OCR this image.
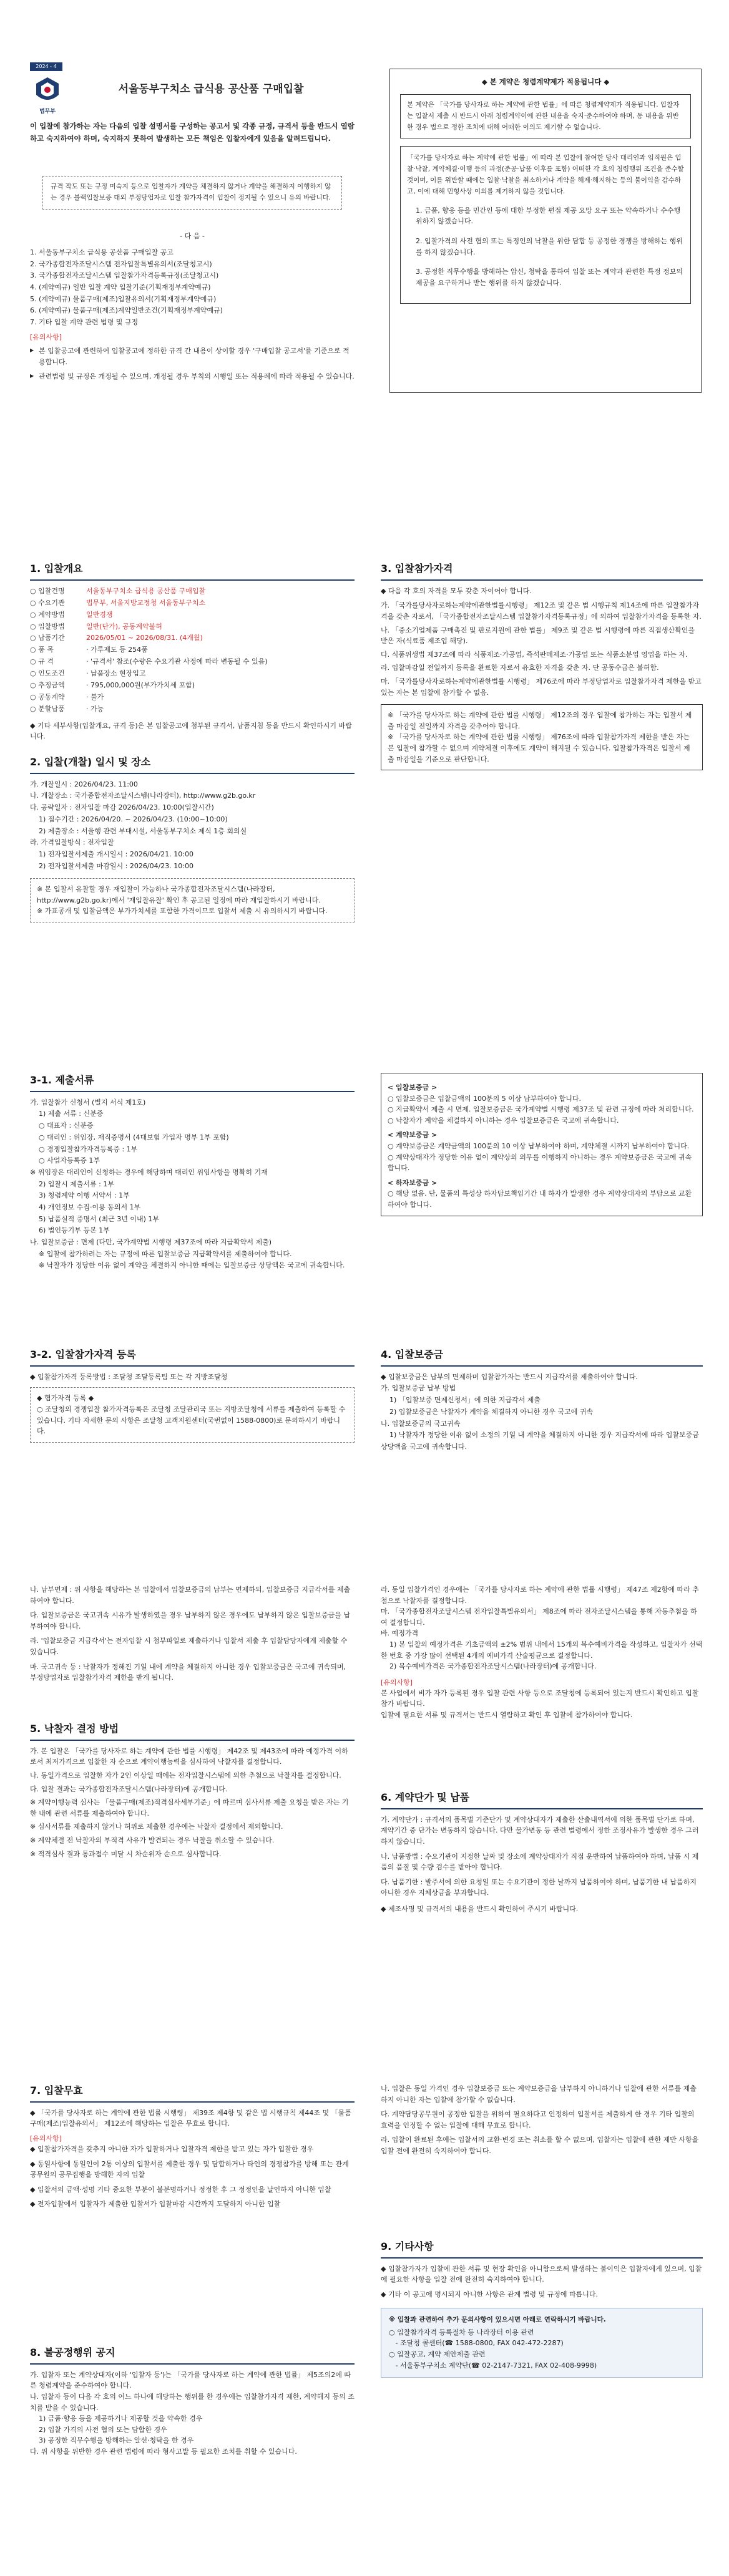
2024 - 4
법무부
서울동부구치소 급식용 공산품 구매입찰
이 입찰에 참가하는 자는 다음의 입찰 설명서를 구성하는 공고서 및 각종 규정, 규격서 등을 반드시 열람하고 숙지하여야 하며, 숙지하지 못하여 발생하는 모든 책임은 입찰자에게 있음을 알려드립니다.
규격 작도 또는 규정 미숙지 등으로 입찰자가 계약을 체결하지 않거나 계약을 해결하지 이행하지 않는 경우 블랙입찰보증 대외 부정당업자로 입찰 참가자격이 입찰이 정지될 수 있으니 유의 바랍니다.
- 다 음 -
1. 서울동부구치소 급식용 공산품 구매입찰 공고
2. 국가종합전자조달시스템 전자입찰특별유의서(조달청고시)
3. 국가종합전자조달시스템 입찰참가자격등록규정(조달청고시)
4. (계약예규) 일반 입찰 계약 입찰기준(기획재정부계약예규)
5. (계약예규) 물품구매(제조)입찰유의서(기획재정부계약예규)
6. (계약예규) 물품구매(제조)계약일반조건(기획재정부계약예규)
7. 기타 입찰 계약 관련 법령 및 규정
[유의사항]
▶ 본 입찰공고에 관련하여 입찰공고에 정하한 규격 간 내용이 상이할 경우 '구매입찰 공고서'를 기준으로 적용합니다.
▶ 관련법령 및 규정은 개정될 수 있으며, 개정될 경우 부칙의 시행일 또는 적용례에 따라 적용될 수 있습니다.
◆ 본 계약은 청렴계약제가 적용됩니다 ◆
본 계약은 「국가를 당사자로 하는 계약에 관한 법률」에 따른 청렴계약제가 적용됩니다. 입찰자는 입찰서 제출 시 반드시 아래 청렴계약이에 관한 내용을 숙지·준수하여야 하며, 동 내용을 위반한 경우 법으로 정한 조치에 대해 어떠한 이의도 제기할 수 없습니다.
「국가를 당사자로 하는 계약에 관한 법률」에 따라 본 입찰에 참여한 당사 대리인과 임직원은 입찰·낙찰, 계약체결·이행 등의 과정(준공·납품 이후를 포함) 어떠한 각 호의 청렴행위 조건을 준수할 것이며, 이를 위반할 때에는 입찰·낙찰을 취소하거나 계약을 해제·해지하는 등의 불이익을 감수하고, 이에 대해 민형사상 이의를 제기하지 않을 것입니다.
1. 금품, 향응 등을 민간인 등에 대한 부정한 편접 제공 요망 요구 또는 약속하거나 수수행위하지 않겠습니다.
2. 입찰가격의 사전 협의 또는 특정인의 낙찰을 위한 담합 등 공정한 경쟁을 방해하는 행위를 하지 않겠습니다.
3. 공정한 직무수행을 방해하는 압신, 청탁을 통하여 입찰 또는 계약과 관련한 특정 정보의 제공을 요구하거나 받는 행위를 하지 않겠습니다.
1. 입찰개요
○ 입찰건명	서울동부구치소 급식용 공산품 구매입찰
○ 수요기관	법무부, 서울지방교정청 서울동부구치소
○ 계약방법	일반경쟁
○ 입찰방법	일반(단가), 공동계약불허
○ 납품기간	2026/05/01 ~ 2026/08/31. (4개월)
○ 품 목	· 가루제도 등 254품
○ 규 격	· '규격서' 참조(수량은 수요기관 사정에 따라 변동될 수 있음)
○ 인도조건	· 납품장소 현장입고
○ 추정금액	· 795,000,000원(부가가치세 포함)
○ 공동계약	· 불가
○ 분할납품	· 가능
◆ 기타 세부사항(입찰개요, 규격 등)은 본 입찰공고에 첨부된 규격서, 납품지침 등을 반드시 확인하시기 바랍니다.
2. 입찰(개찰) 일시 및 장소
가. 개찰일시 : 2026/04/23. 11:00
나. 개찰장소 : 국가종합전자조달시스템(나라장터), http://www.g2b.go.kr
다. 공략일자 : 전자입찰 마감 2026/04/23. 10:00(입찰시간)
1) 접수기간 : 2026/04/20. ~ 2026/04/23. (10:00~10:00)
2) 제출장소 : 서울행 관련 부대시설, 서울동부구치소 제식 1층 회의실
라. 가격입찰방식 : 전자입찰
1) 전자입찰서제출 개시일시 : 2026/04/21. 10:00
2) 전자입찰서제출 마감일시 : 2026/04/23. 10:00
※ 본 입찰서 유찰할 경우 재입찰이 가능하나 국가종합전자조달시스템(나라장터, http://www.g2b.go.kr)에서 '재입찰유찰' 확인 후 공고된 일정에 따라 재입찰하시기 바랍니다.
※ 가표공개 및 입찰금액은 부가가치세를 포함한 가격이므로 입찰서 제출 시 유의하시기 바랍니다.
3. 입찰참가자격
◆ 다음 각 호의 자격을 모두 갖춘 자이어야 합니다.
가. 「국가를당사자로하는계약에관한법률시행령」 제12조 및 같은 법 시행규칙 제14조에 따른 입찰참가자격을 갖춘 자로서, 「국가종합전자조달시스템 입찰참가자격등록규정」에 의하여 입찰참가자격을 등록한 자.
나. 「중소기업제품 구매촉진 및 판로지원에 관한 법률」 제9조 및 같은 법 시행령에 따른 직접생산확인을 받은 자(식료품 제조업 해당).
다. 식품위생법 제37조에 따라 식품제조·가공업, 즉석판매제조·가공업 또는 식품소분업 영업을 하는 자.
라. 입찰마감일 전일까지 등록을 완료한 자로서 유효한 자격을 갖춘 자. 단 공동수급은 불허함.
마. 「국가를당사자로하는계약에관한법률 시행령」 제76조에 따라 부정당업자로 입찰참가자격 제한을 받고 있는 자는 본 입찰에 참가할 수 없음.
※ 「국가를 당사자로 하는 계약에 관한 법률 시행령」 제12조의 경우 입찰에 참가하는 자는 입찰서 제출 마감일 전일까지 자격을 갖추어야 합니다.
※ 「국가를 당사자로 하는 계약에 관한 법률 시행령」 제76조에 따라 입찰참가자격 제한을 받은 자는 본 입찰에 참가할 수 없으며 계약체결 이후에도 계약이 해지될 수 있습니다. 입찰참가자격은 입찰서 제출 마감일을 기준으로 판단합니다.
3-1. 제출서류
가. 입찰참가 신청서 (별지 서식 제1호)
1) 제출 서류 : 신분증
○ 대표자 : 신분증
○ 대리인 : 위임장, 재직증명서 (4대보험 가입자 명부 1부 포함)
○ 경쟁입찰참가자격등록증 : 1부
○ 사업자등록증 1부
※ 위임장은 대리인이 신청하는 경우에 해당하며 대리인 위임사항을 명확히 기재
2) 입찰시 제출서류 : 1부
3) 청렴계약 이행 서약서 : 1부
4) 개인정보 수집·이용 동의서 1부
5) 납품실적 증명서 (최근 3년 이내) 1부
6) 법인등기부 등본 1부
나. 입찰보증금 : 면제 (다만, 국가계약법 시행령 제37조에 따라 지급확약서 제출)
※ 입찰에 참가하려는 자는 규정에 따른 입찰보증금 지급확약서를 제출하여야 합니다.
※ 낙찰자가 정당한 이유 없이 계약을 체결하지 아니한 때에는 입찰보증금 상당액은 국고에 귀속합니다.
< 입찰보증금 >
○ 입찰보증금은 입찰금액의 100분의 5 이상 납부하여야 합니다.
○ 지급확약서 제출 시 면제. 입찰보증금은 국가계약법 시행령 제37조 및 관련 규정에 따라 처리합니다.
○ 낙찰자가 계약을 체결하지 아니하는 경우 입찰보증금은 국고에 귀속합니다.
< 계약보증금 >
○ 계약보증금은 계약금액의 100분의 10 이상 납부하여야 하며, 계약체결 시까지 납부하여야 합니다.
○ 계약상대자가 정당한 이유 없이 계약상의 의무를 이행하지 아니하는 경우 계약보증금은 국고에 귀속합니다.
< 하자보증금 >
○ 해당 없음. 단, 물품의 특성상 하자담보책임기간 내 하자가 발생한 경우 계약상대자의 부담으로 교환하여야 합니다.
3-2. 입찰참가자격 등록
◆ 입찰참가자격 등록방법 : 조달청 조달등록팀 또는 각 지방조달청
◆ 협가자격 등록 ◆
○ 조달청의 경쟁입찰 참가자격등록은 조달청 조달관리국 또는 지방조달청에 서류를 제출하여 등록할 수 있습니다. 기타 자세한 문의 사항은 조달청 고객지원센터(국번없이 1588-0800)로 문의하시기 바랍니다.
4. 입찰보증금
◆ 입찰보증금은 납부의 면제하며 입찰참가자는 반드시 지급각서를 제출하여야 합니다.
가. 입찰보증금 납부 방법
1) 「입찰보증 면제신청서」에 의한 지급각서 제출
2) 입찰보증금은 낙찰자가 계약을 체결하지 아니한 경우 국고에 귀속
나. 입찰보증금의 국고귀속
1) 낙찰자가 정당한 이유 없이 소정의 기일 내 계약을 체결하지 아니한 경우 지급각서에 따라 입찰보증금 상당액을 국고에 귀속합니다.
나. 납부면제 : 위 사항을 해당하는 본 입찰에서 입찰보증금의 납부는 면제하되, 입찰보증금 지급각서를 제출하여야 합니다.
다. 입찰보증금은 국고귀속 시유가 발생하였을 경우 납부하지 않은 경우에도 납부하지 않은 입찰보증금을 납부하여야 합니다.
라. '입찰보증금 지급각서'는 전자입찰 시 첨부파일로 제출하거나 입찰서 제출 후 입찰담당자에게 제출할 수 있습니다.
마. 국고귀속 등 : 낙찰자가 정해진 기일 내에 계약을 체결하지 아니한 경우 입찰보증금은 국고에 귀속되며, 부정당업자로 입찰참가자격 제한을 받게 됩니다.
5. 낙찰자 결정 방법
가. 본 입찰은 「국가를 당사자로 하는 계약에 관한 법률 시행령」 제42조 및 제43조에 따라 예정가격 이하로서 최저가격으로 입찰한 자 순으로 계약이행능력을 심사하여 낙찰자를 결정합니다.
나. 동일가격으로 입찰한 자가 2인 이상일 때에는 전자입찰시스템에 의한 추첨으로 낙찰자를 결정합니다.
다. 입찰 결과는 국가종합전자조달시스템(나라장터)에 공개합니다.
※ 계약이행능력 심사는 「물품구매(제조)적격심사세부기준」에 따르며 심사서류 제출 요청을 받은 자는 기한 내에 관련 서류를 제출하여야 합니다.
※ 심사서류를 제출하지 않거나 허위로 제출한 경우에는 낙찰자 결정에서 제외합니다.
※ 계약체결 전 낙찰자의 부적격 사유가 발견되는 경우 낙찰을 취소할 수 있습니다.
※ 적격심사 결과 통과점수 미달 시 차순위자 순으로 심사합니다.
라. 동일 입찰가격인 경우에는 「국가를 당사자로 하는 계약에 관한 법률 시행령」 제47조 제2항에 따라 추첨으로 낙찰자를 결정합니다.
마. 「국가종합전자조달시스템 전자입찰특별유의서」 제8조에 따라 전자조달시스템을 통해 자동추첨을 하여 결정합니다.
바. 예정가격
1) 본 입찰의 예정가격은 기초금액의 ±2% 범위 내에서 15개의 복수예비가격을 작성하고, 입찰자가 선택한 번호 중 가장 많이 선택된 4개의 예비가격 산술평균으로 결정합니다.
2) 복수예비가격은 국가종합전자조달시스템(나라장터)에 공개합니다.
[유의사항]
본 사업에서 비가 자가 등록된 경우 입찰 관련 사항 등으로 조달청에 등록되어 있는지 반드시 확인하고 입찰 참가 바랍니다.
입찰에 필요한 서류 및 규격서는 반드시 열람하고 확인 후 입찰에 참가하여야 합니다.
6. 계약단가 및 납품
가. 계약단가 : 규격서의 품목별 기준단가 및 계약상대자가 제출한 산출내역서에 의한 품목별 단가로 하며, 계약기간 중 단가는 변동하지 않습니다. 다만 물가변동 등 관련 법령에서 정한 조정사유가 발생한 경우 그러하지 않습니다.
나. 납품방법 : 수요기관이 지정한 날짜 및 장소에 계약상대자가 직접 운반하여 납품하여야 하며, 납품 시 제품의 품질 및 수량 검수를 받아야 합니다.
다. 납품기한 : 발주서에 의한 요청일 또는 수요기관이 정한 날까지 납품하여야 하며, 납품기한 내 납품하지 아니한 경우 지체상금을 부과합니다.
◆ 제조사명 및 규격서의 내용을 반드시 확인하여 주시기 바랍니다.
7. 입찰무효
◆ 「국가를 당사자로 하는 계약에 관한 법률 시행령」 제39조 제4항 및 같은 법 시행규칙 제44조 및 「물품구매(제조)입찰유의서」 제12조에 해당하는 입찰은 무효로 합니다.
[유의사항]
◆ 입찰참가자격을 갖추지 아니한 자가 입찰하거나 입찰자격 제한을 받고 있는 자가 입찰한 경우
◆ 동일사항에 동일인이 2통 이상의 입찰서를 제출한 경우 및 담합하거나 타인의 경쟁참가를 방해 또는 관계 공무원의 공무집행을 방해한 자의 입찰
◆ 입찰서의 금액·성명 기타 중요한 부분이 불분명하거나 정정한 후 그 정정인을 날인하지 아니한 입찰
◆ 전자입찰에서 입찰자가 제출한 입찰서가 입찰마감 시간까지 도달하지 아니한 입찰
8. 불공정행위 공지
가. 입찰자 또는 계약상대자(이하 '입찰자 등')는 「국가를 당사자로 하는 계약에 관한 법률」 제5조의2에 따른 청렴계약을 준수하여야 합니다.
나. 입찰자 등이 다음 각 호의 어느 하나에 해당하는 행위를 한 경우에는 입찰참가자격 제한, 계약해지 등의 조치를 받을 수 있습니다.
1) 금품·향응 등을 제공하거나 제공할 것을 약속한 경우
2) 입찰 가격의 사전 협의 또는 담합한 경우
3) 공정한 직무수행을 방해하는 알선·청탁을 한 경우
다. 위 사항을 위반한 경우 관련 법령에 따라 형사고발 등 필요한 조치를 취할 수 있습니다.
나. 입찰은 동일 가격인 경우 입찰보증금 또는 계약보증금을 납부하지 아니하거나 입찰에 관한 서류를 제출하지 아니한 자는 입찰에 참가할 수 없습니다.
다. 계약담당공무원이 공정한 입찰을 위하여 필요하다고 인정하여 입찰서를 제출하게 한 경우 기타 입찰의 효력을 인정할 수 없는 입찰에 대해 무효로 합니다.
라. 입찰이 완료된 후에는 입찰서의 교환·변경 또는 취소를 할 수 없으며, 입찰자는 입찰에 관한 제반 사항을 입찰 전에 완전히 숙지하여야 합니다.
9. 기타사항
◆ 입찰참가자가 입찰에 관한 서류 및 현장 확인을 아니함으로써 발생하는 불이익은 입찰자에게 있으며, 입찰에 필요한 사항을 입찰 전에 완전히 숙지하여야 합니다.
◆ 기타 이 공고에 명시되지 아니한 사항은 관계 법령 및 규정에 따릅니다.
※ 입찰과 관련하여 추가 문의사항이 있으시면 아래로 연락하시기 바랍니다.
○ 입찰참가자격 등록절차 등 나라장터 이용 관련
- 조달청 콜센터(☎ 1588-0800, FAX 042-472-2287)
○ 입찰공고, 계약 제안제출 관련
- 서울동부구치소 계약단(☎ 02-2147-7321, FAX 02-408-9998)
